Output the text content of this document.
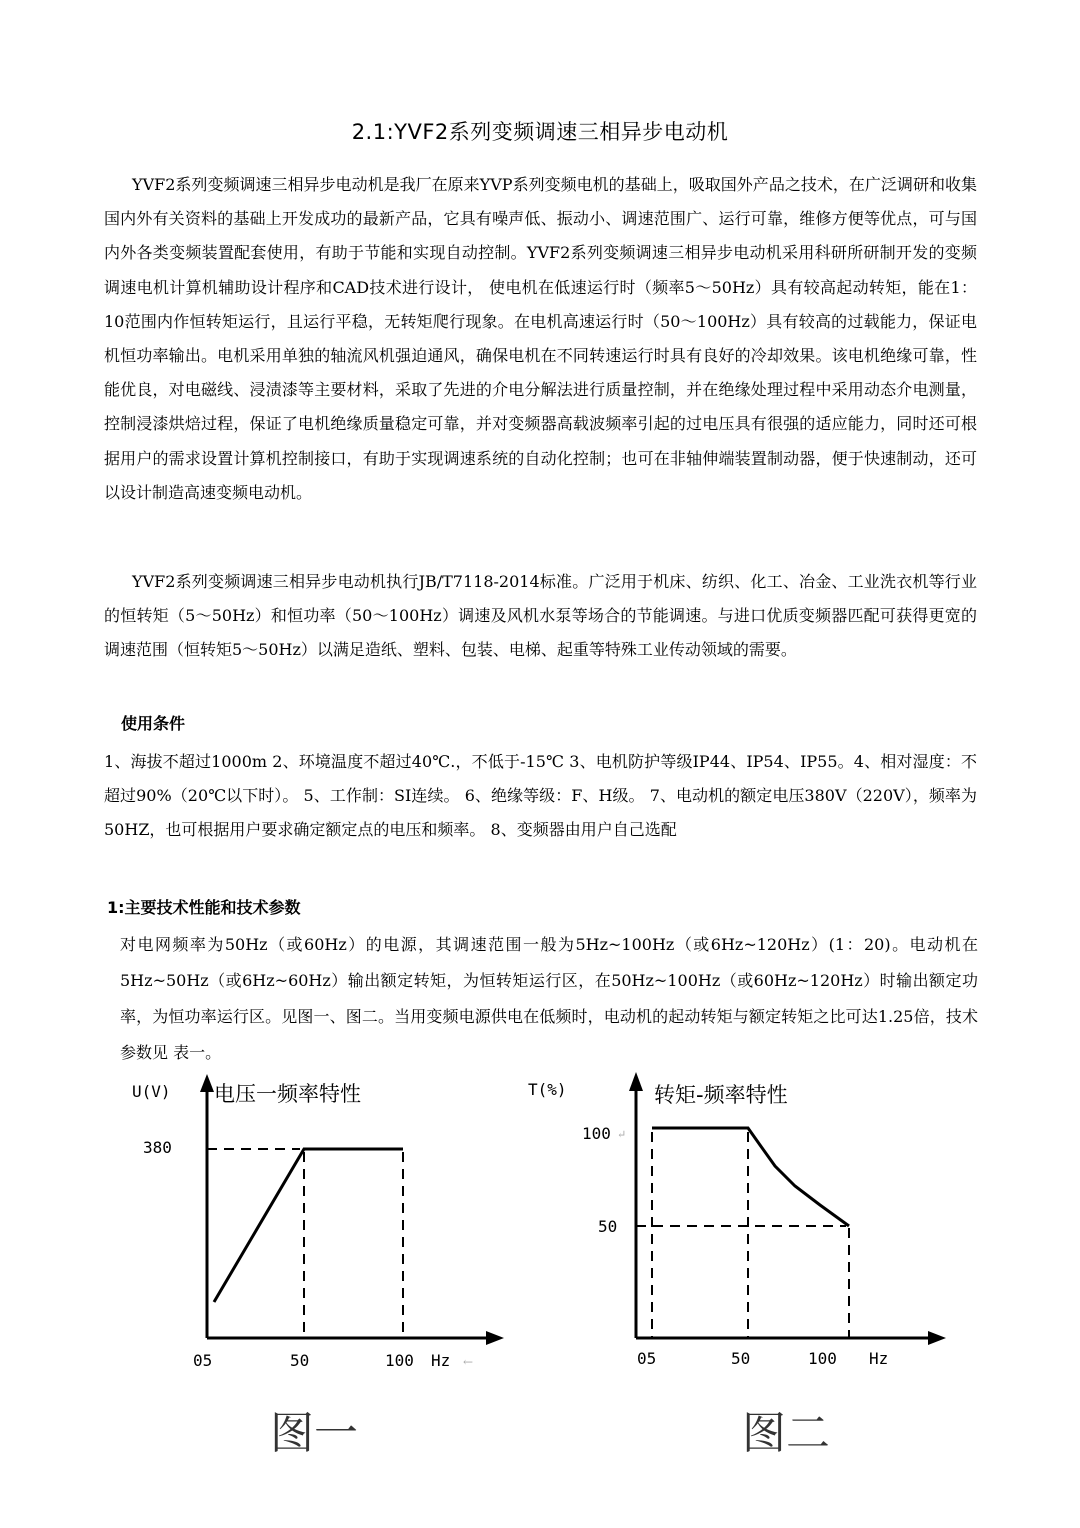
2.1:YVF2系列变频调速三相异步电动机

YVF2系列变频调速三相异步电动机是我厂在原来YVP系列变频电机的基础上，吸取国外产品之技术，在广泛调研和收集国内外有关资料的基础上开发成功的最新产品，它具有噪声低、振动小、调速范围广、运行可靠，维修方便等优点，可与国内外各类变频装置配套使用，有助于节能和实现自动控制。YVF2系列变频调速三相异步电动机采用科研所研制开发的变频调速电机计算机辅助设计程序和CAD技术进行设计， 使电机在低速运行时（频率5～50Hz）具有较高起动转矩，能在1：10范围内作恒转矩运行，且运行平稳，无转矩爬行现象。在电机高速运行时（50～100Hz）具有较高的过载能力，保证电机恒功率输出。电机采用单独的轴流风机强迫通风，确保电机在不同转速运行时具有良好的冷却效果。该电机绝缘可靠，性能优良，对电磁线、浸渍漆等主要材料，采取了先进的介电分解法进行质量控制，并在绝缘处理过程中采用动态介电测量，控制浸漆烘焙过程，保证了电机绝缘质量稳定可靠，并对变频器高载波频率引起的过电压具有很强的适应能力，同时还可根据用户的需求设置计算机控制接口，有助于实现调速系统的自动化控制；也可在非轴伸端装置制动器，便于快速制动，还可以设计制造高速变频电动机。

YVF2系列变频调速三相异步电动机执行JB/T7118-2014标准。广泛用于机床、纺织、化工、冶金、工业洗衣机等行业的恒转矩（5～50Hz）和恒功率（50～100Hz）调速及风机水泵等场合的节能调速。与进口优质变频器匹配可获得更宽的调速范围（恒转矩5～50Hz）以满足造纸、塑料、包装、电梯、起重等特殊工业传动领域的需要。

使用条件

1、海拔不超过1000m 2、环境温度不超过40℃.，不低于-15℃ 3、电机防护等级IP44、IP54、IP55。4、相对湿度：不超过90%（20℃以下时）。 5、工作制：SI连续。 6、绝缘等级：F、H级。 7、电动机的额定电压380V（220V），频率为50HZ，也可根据用户要求确定额定点的电压和频率。 8、变频器由用户自己选配

1:主要技术性能和技术参数

对电网频率为50Hz（或60Hz）的电源，其调速范围一般为5Hz~100Hz（或6Hz~120Hz）(1：20)。电动机在5Hz~50Hz（或6Hz~60Hz）输出额定转矩，为恒转矩运行区，在50Hz~100Hz（或60Hz~120Hz）时输出额定功率，为恒功率运行区。见图一、图二。当用变频电源供电在低频时，电动机的起动转矩与额定转矩之比可达1.25倍，技术参数见 表一。

U(V) 电压一频率特性
380
05	50	100 Hz ←
图一
T(%)	转矩-频率特性
100 ↵
50
05	50	100 Hz
图二
